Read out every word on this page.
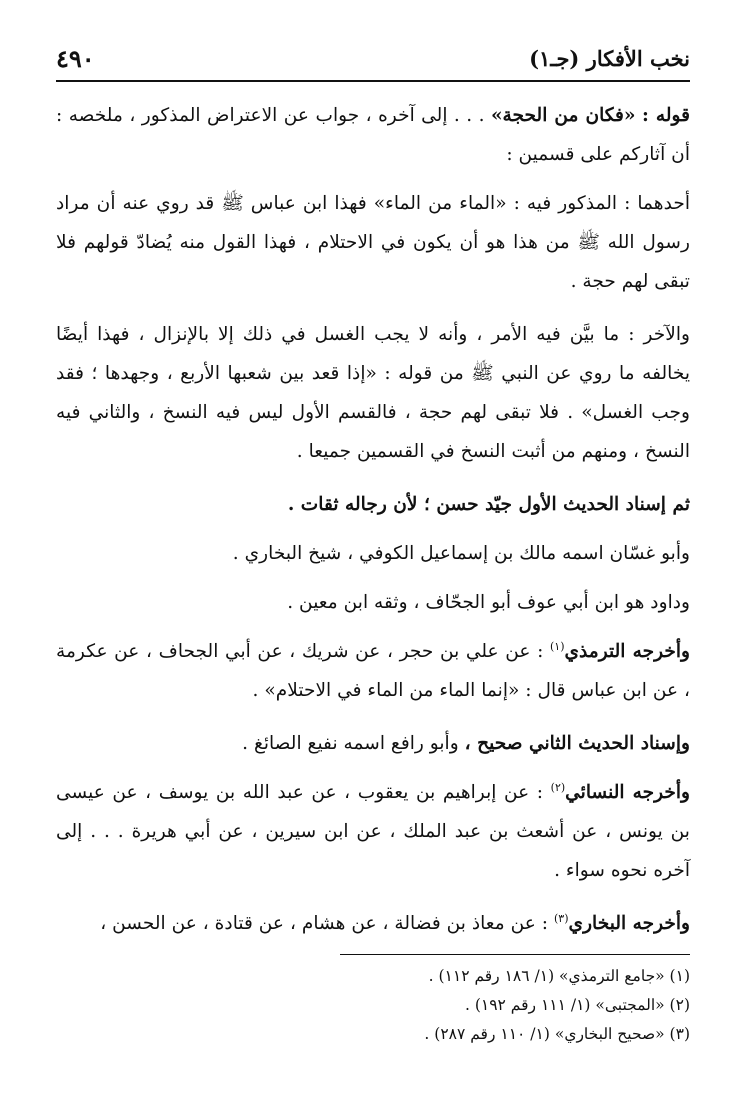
نخب الأفكار (جـ١)
٤٩٠

قوله : «فكان من الحجة» . . . إلى آخره ، جواب عن الاعتراض المذكور ، ملخصه : أن آثاركم على قسمين :

أحدهما : المذكور فيه : «الماء من الماء» فهذا ابن عباس ﷺ قد روي عنه أن مراد رسول الله ﷺ من هذا هو أن يكون في الاحتلام ، فهذا القول منه يُضادّ قولهم فلا تبقى لهم حجة .

والآخر : ما بيَّن فيه الأمر ، وأنه لا يجب الغسل في ذلك إلا بالإنزال ، فهذا أيضًا يخالفه ما روي عن النبي ﷺ من قوله : «إذا قعد بين شعبها الأربع ، وجهدها ؛ فقد وجب الغسل» . فلا تبقى لهم حجة ، فالقسم الأول ليس فيه النسخ ، والثاني فيه النسخ ، ومنهم من أثبت النسخ في القسمين جميعا .

ثم إسناد الحديث الأول جيّد حسن ؛ لأن رجاله ثقات .

وأبو غسّان اسمه مالك بن إسماعيل الكوفي ، شيخ البخاري .

وداود هو ابن أبي عوف أبو الجحّاف ، وثقه ابن معين .

وأخرجه الترمذي$^{(١)}$ : عن علي بن حجر ، عن شريك ، عن أبي الجحاف ، عن عكرمة ، عن ابن عباس قال : «إنما الماء من الماء في الاحتلام» .

وإسناد الحديث الثاني صحيح ، وأبو رافع اسمه نفيع الصائغ .

وأخرجه النسائي$^{(٢)}$ : عن إبراهيم بن يعقوب ، عن عبد الله بن يوسف ، عن عيسى بن يونس ، عن أشعث بن عبد الملك ، عن ابن سيرين ، عن أبي هريرة . . . إلى آخره نحوه سواء .

وأخرجه البخاري$^{(٣)}$ : عن معاذ بن فضالة ، عن هشام ، عن قتادة ، عن الحسن ،

(١) «جامع الترمذي» (١/ ١٨٦ رقم ١١٢) .

(٢) «المجتبى» (١/ ١١١ رقم ١٩٢) .

(٣) «صحيح البخاري» (١/ ١١٠ رقم ٢٨٧) .
